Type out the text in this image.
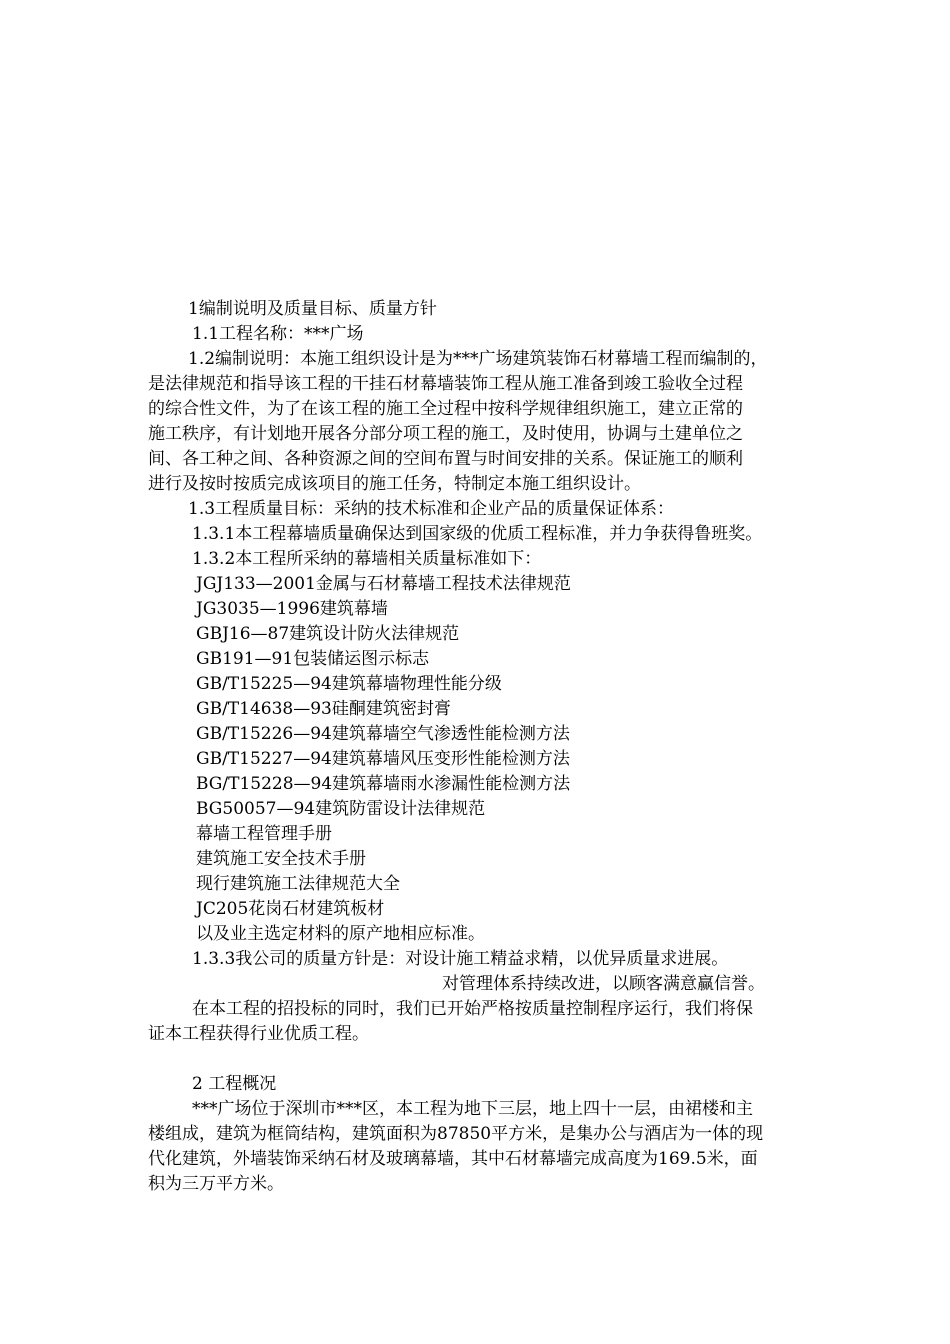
1编制说明及质量目标、质量方针
1.1工程名称：***广场
1.2编制说明：本施工组织设计是为***广场建筑装饰石材幕墙工程而编制的，
是法律规范和指导该工程的干挂石材幕墙装饰工程从施工准备到竣工验收全过程
的综合性文件，为了在该工程的施工全过程中按科学规律组织施工，建立正常的
施工秩序，有计划地开展各分部分项工程的施工，及时使用，协调与土建单位之
间、各工种之间、各种资源之间的空间布置与时间安排的关系。保证施工的顺利
进行及按时按质完成该项目的施工任务，特制定本施工组织设计。
1.3工程质量目标：采纳的技术标准和企业产品的质量保证体系：
1.3.1本工程幕墙质量确保达到国家级的优质工程标准，并力争获得鲁班奖。
1.3.2本工程所采纳的幕墙相关质量标准如下：
JGJ133—2001金属与石材幕墙工程技术法律规范
JG3035—1996建筑幕墙
GBJ16—87建筑设计防火法律规范
GB191—91包装储运图示标志
GB/T15225—94建筑幕墙物理性能分级
GB/T14638—93硅酮建筑密封膏
GB/T15226—94建筑幕墙空气渗透性能检测方法
GB/T15227—94建筑幕墙风压变形性能检测方法
BG/T15228—94建筑幕墙雨水渗漏性能检测方法
BG50057—94建筑防雷设计法律规范
幕墙工程管理手册
建筑施工安全技术手册
现行建筑施工法律规范大全
JC205花岗石材建筑板材
以及业主选定材料的原产地相应标准。
1.3.3我公司的质量方针是：对设计施工精益求精，以优异质量求进展。
对管理体系持续改进，以顾客满意赢信誉。
在本工程的招投标的同时，我们已开始严格按质量控制程序运行，我们将保
证本工程获得行业优质工程。
2 工程概况
***广场位于深圳市***区，本工程为地下三层，地上四十一层，由裙楼和主
楼组成，建筑为框筒结构，建筑面积为87850平方米，是集办公与酒店为一体的现
代化建筑，外墙装饰采纳石材及玻璃幕墙，其中石材幕墙完成高度为169.5米，面
积为三万平方米。
